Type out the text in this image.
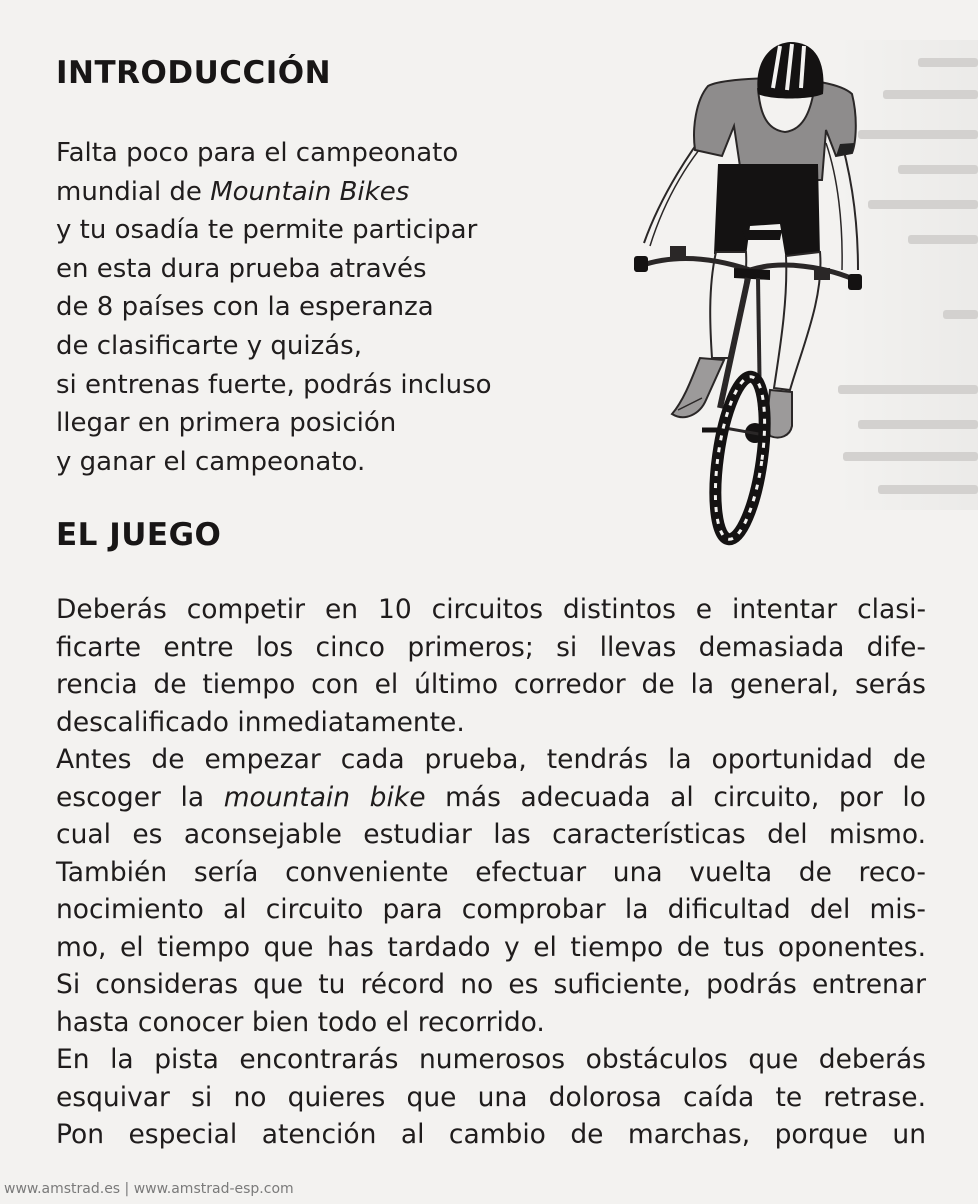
INTRODUCCIÓN
Falta poco para el campeonato
mundial de Mountain Bikes
y tu osadía te permite participar
en esta dura prueba através
de 8 países con la esperanza
de clasificarte y quizás,
si entrenas fuerte, podrás incluso
llegar en primera posición
y ganar el campeonato.
EL JUEGO
Deberás competir en 10 circuitos distintos e intentar clasi-
ficarte entre los cinco primeros; si llevas demasiada dife-
rencia de tiempo con el último corredor de la general, serás
descalificado inmediatamente.
Antes de empezar cada prueba, tendrás la oportunidad de
escoger la mountain bike más adecuada al circuito, por lo
cual es aconsejable estudiar las características del mismo.
También sería conveniente efectuar una vuelta de reco-
nocimiento al circuito para comprobar la dificultad del mis-
mo, el tiempo que has tardado y el tiempo de tus oponentes.
Si consideras que tu récord no es suficiente, podrás entrenar
hasta conocer bien todo el recorrido.
En la pista encontrarás numerosos obstáculos que deberás
esquivar si no quieres que una dolorosa caída te retrase.
Pon especial atención al cambio de marchas, porque un
www.amstrad.es | www.amstrad-esp.com
